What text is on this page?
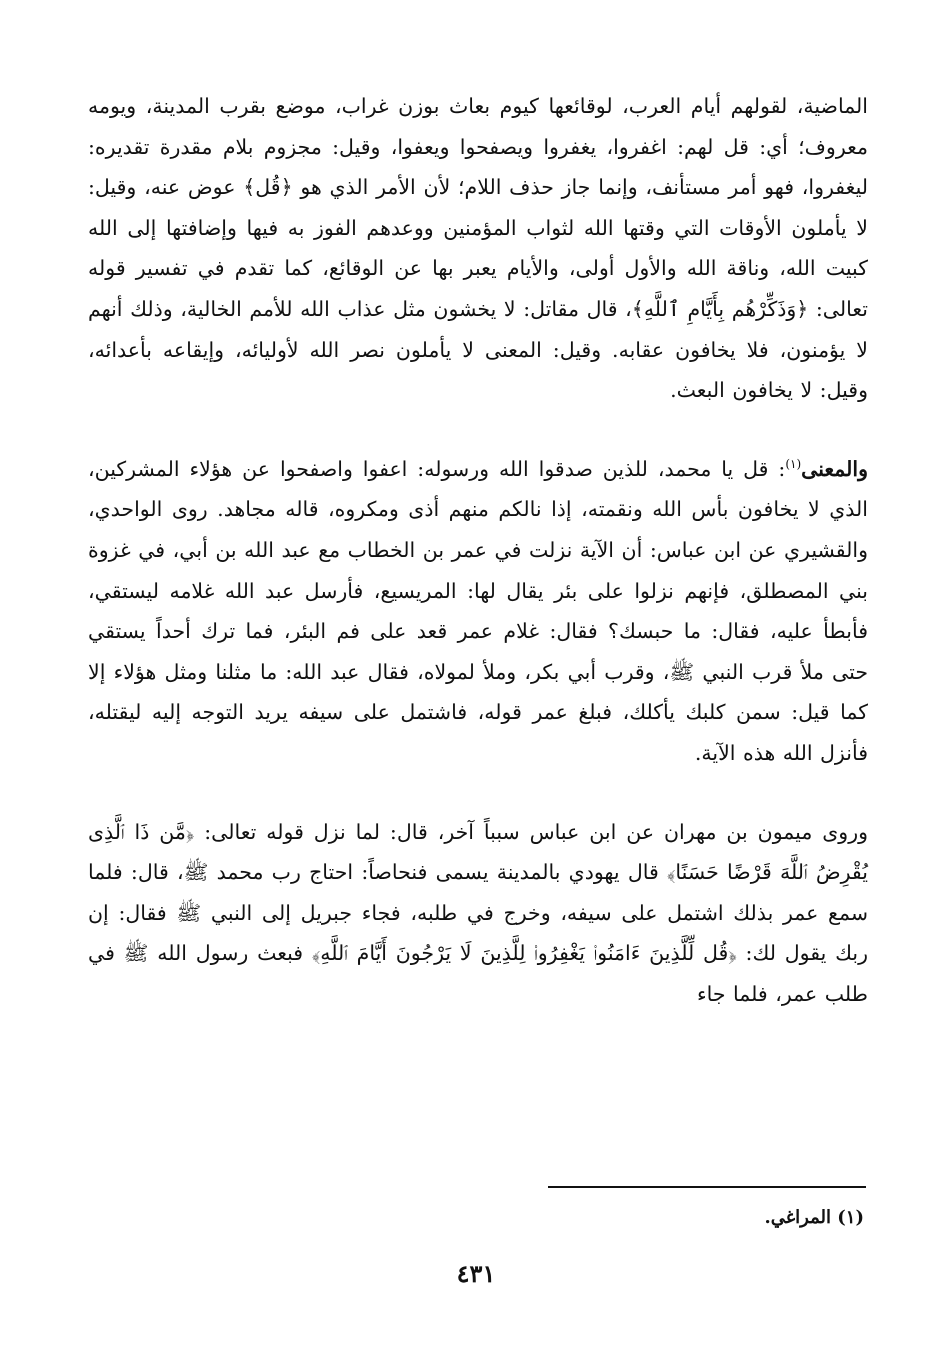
الماضية، لقولهم أيام العرب، لوقائعها كيوم بعاث بوزن غراب، موضع بقرب المدينة، ويومه معروف؛ أي: قل لهم: اغفروا، يغفروا ويصفحوا ويعفوا، وقيل: مجزوم بلام مقدرة تقديره: ليغفروا، فهو أمر مستأنف، وإنما جاز حذف اللام؛ لأن الأمر الذي هو ﴿قُل﴾ عوض عنه، وقيل: لا يأملون الأوقات التي وقتها الله لثواب المؤمنين ووعدهم الفوز به فيها وإضافتها إلى الله كبيت الله، وناقة الله والأول أولى، والأيام يعبر بها عن الوقائع، كما تقدم في تفسير قوله تعالى: ﴿وَذَكِّرْهُم بِأَيَّامِ ٱللَّهِ﴾، قال مقاتل: لا يخشون مثل عذاب الله للأمم الخالية، وذلك أنهم لا يؤمنون، فلا يخافون عقابه. وقيل: المعنى لا يأملون نصر الله لأوليائه، وإيقاعه بأعدائه، وقيل: لا يخافون البعث.

والمعنى$^{(١)}$: قل يا محمد، للذين صدقوا الله ورسوله: اعفوا واصفحوا عن هؤلاء المشركين، الذي لا يخافون بأس الله ونقمته، إذا نالكم منهم أذى ومكروه، قاله مجاهد. روى الواحدي، والقشيري عن ابن عباس: أن الآية نزلت في عمر بن الخطاب مع عبد الله بن أبي، في غزوة بني المصطلق، فإنهم نزلوا على بئر يقال لها: المريسيع، فأرسل عبد الله غلامه ليستقي، فأبطأ عليه، فقال: ما حبسك؟ فقال: غلام عمر قعد على فم البئر، فما ترك أحداً يستقي حتى ملأ قرب النبي ﷺ، وقرب أبي بكر، وملأ لمولاه، فقال عبد الله: ما مثلنا ومثل هؤلاء إلا كما قيل: سمن كلبك يأكلك، فبلغ عمر قوله، فاشتمل على سيفه يريد التوجه إليه ليقتله، فأنزل الله هذه الآية.

وروى ميمون بن مهران عن ابن عباس سبباً آخر، قال: لما نزل قوله تعالى: ﴿مَّن ذَا ٱلَّذِى يُقْرِضُ ٱللَّهَ قَرْضًا حَسَنًا﴾ قال يهودي بالمدينة يسمى فنحاصاً: احتاج رب محمد ﷺ، قال: فلما سمع عمر بذلك اشتمل على سيفه، وخرج في طلبه، فجاء جبريل إلى النبي ﷺ فقال: إن ربك يقول لك: ﴿قُل لِّلَّذِينَ ءَامَنُوا۟ يَغْفِرُوا۟ لِلَّذِينَ لَا يَرْجُونَ أَيَّامَ ٱللَّهِ﴾ فبعث رسول الله ﷺ في طلب عمر، فلما جاء

(١) المراغي.
٤٣١
